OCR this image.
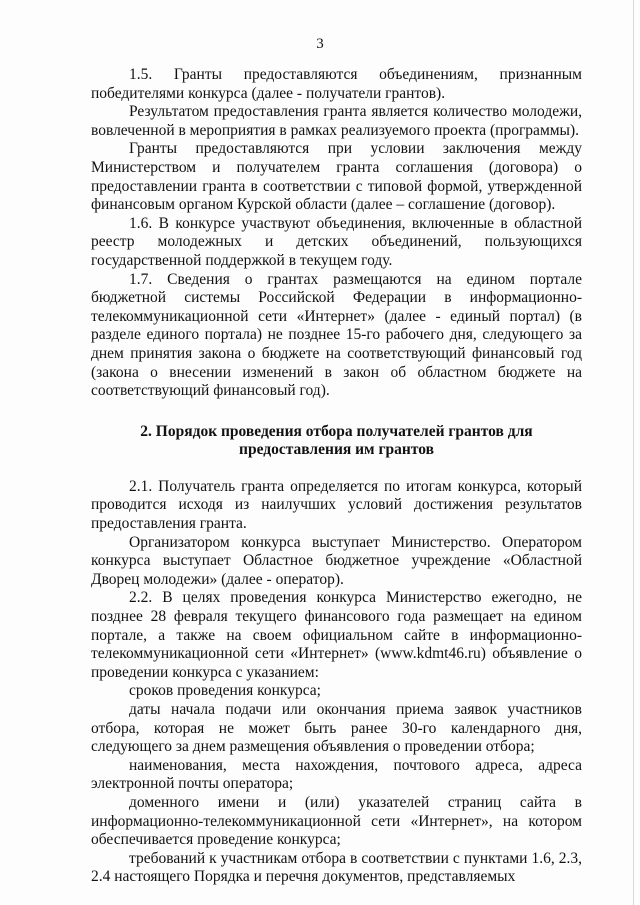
3

1.5. Гранты предоставляются объединениям, признанным победителями конкурса (далее - получатели грантов).

Результатом предоставления гранта является количество молодежи, вовлеченной в мероприятия в рамках реализуемого проекта (программы).

Гранты предоставляются при условии заключения между Министерством и получателем гранта соглашения (договора) о предоставлении гранта в соответствии с типовой формой, утвержденной финансовым органом Курской области (далее – соглашение (договор).

1.6. В конкурсе участвуют объединения, включенные в областной реестр молодежных и детских объединений, пользующихся государственной поддержкой в текущем году.

1.7. Сведения о грантах размещаются на едином портале бюджетной системы Российской Федерации в информационно-телекоммуникационной сети «Интернет» (далее - единый портал) (в разделе единого портала) не позднее 15-го рабочего дня, следующего за днем принятия закона о бюджете на соответствующий финансовый год (закона о внесении изменений в закон об областном бюджете на соответствующий финансовый год).

2. Порядок проведения отбора получателей грантов для предоставления им грантов

2.1. Получатель гранта определяется по итогам конкурса, который проводится исходя из наилучших условий достижения результатов предоставления гранта.

Организатором конкурса выступает Министерство. Оператором конкурса выступает Областное бюджетное учреждение «Областной Дворец молодежи» (далее - оператор).

2.2. В целях проведения конкурса Министерство ежегодно, не позднее 28 февраля текущего финансового года размещает на едином портале, а также на своем официальном сайте в информационно-телекоммуникационной сети «Интернет» (www.kdmt46.ru) объявление о проведении конкурса с указанием:

сроков проведения конкурса;

даты начала подачи или окончания приема заявок участников отбора, которая не может быть ранее 30-го календарного дня, следующего за днем размещения объявления о проведении отбора;

наименования, места нахождения, почтового адреса, адреса электронной почты оператора;

доменного имени и (или) указателей страниц сайта в информационно-телекоммуникационной сети «Интернет», на котором обеспечивается проведение конкурса;

требований к участникам отбора в соответствии с пунктами 1.6, 2.3, 2.4 настоящего Порядка и перечня документов, представляемых
